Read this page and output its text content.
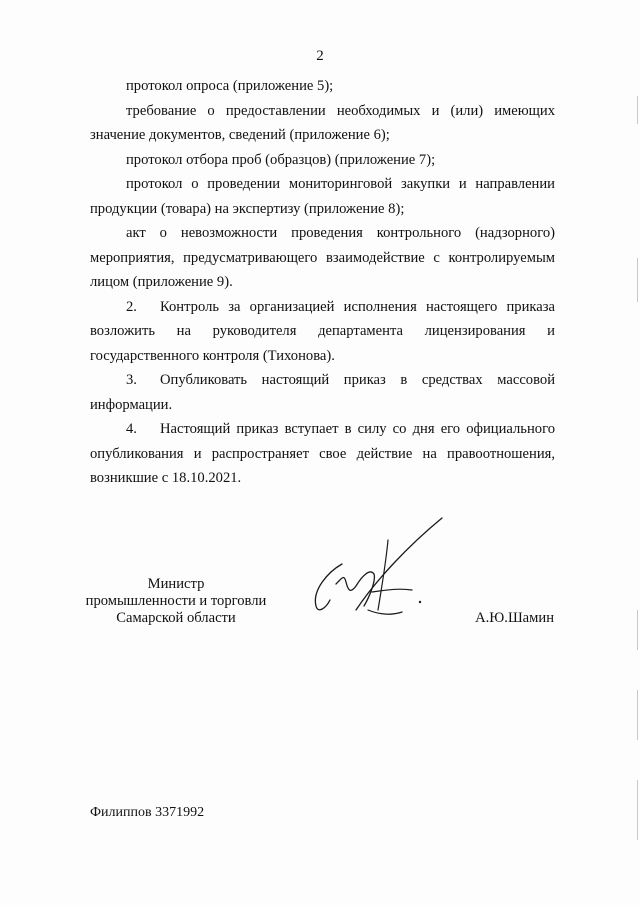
2

протокол опроса (приложение 5);

требование о предоставлении необходимых и (или) имеющих значение документов, сведений (приложение 6);

протокол отбора проб (образцов) (приложение 7);

протокол о проведении мониторинговой закупки и направлении продукции (товара) на экспертизу (приложение 8);

акт о невозможности проведения контрольного (надзорного) мероприятия, предусматривающего взаимодействие с контролируемым лицом (приложение 9).

2. Контроль за организацией исполнения настоящего приказа возложить на руководителя департамента лицензирования и государственного контроля (Тихонова).

3. Опубликовать настоящий приказ в средствах массовой информации.

4. Настоящий приказ вступает в силу со дня его официального опубликования и распространяет свое действие на правоотношения, возникшие с 18.10.2021.

Министр
промышленности и торговли
Самарской области	А.Ю.Шамин
Филиппов 3371992
